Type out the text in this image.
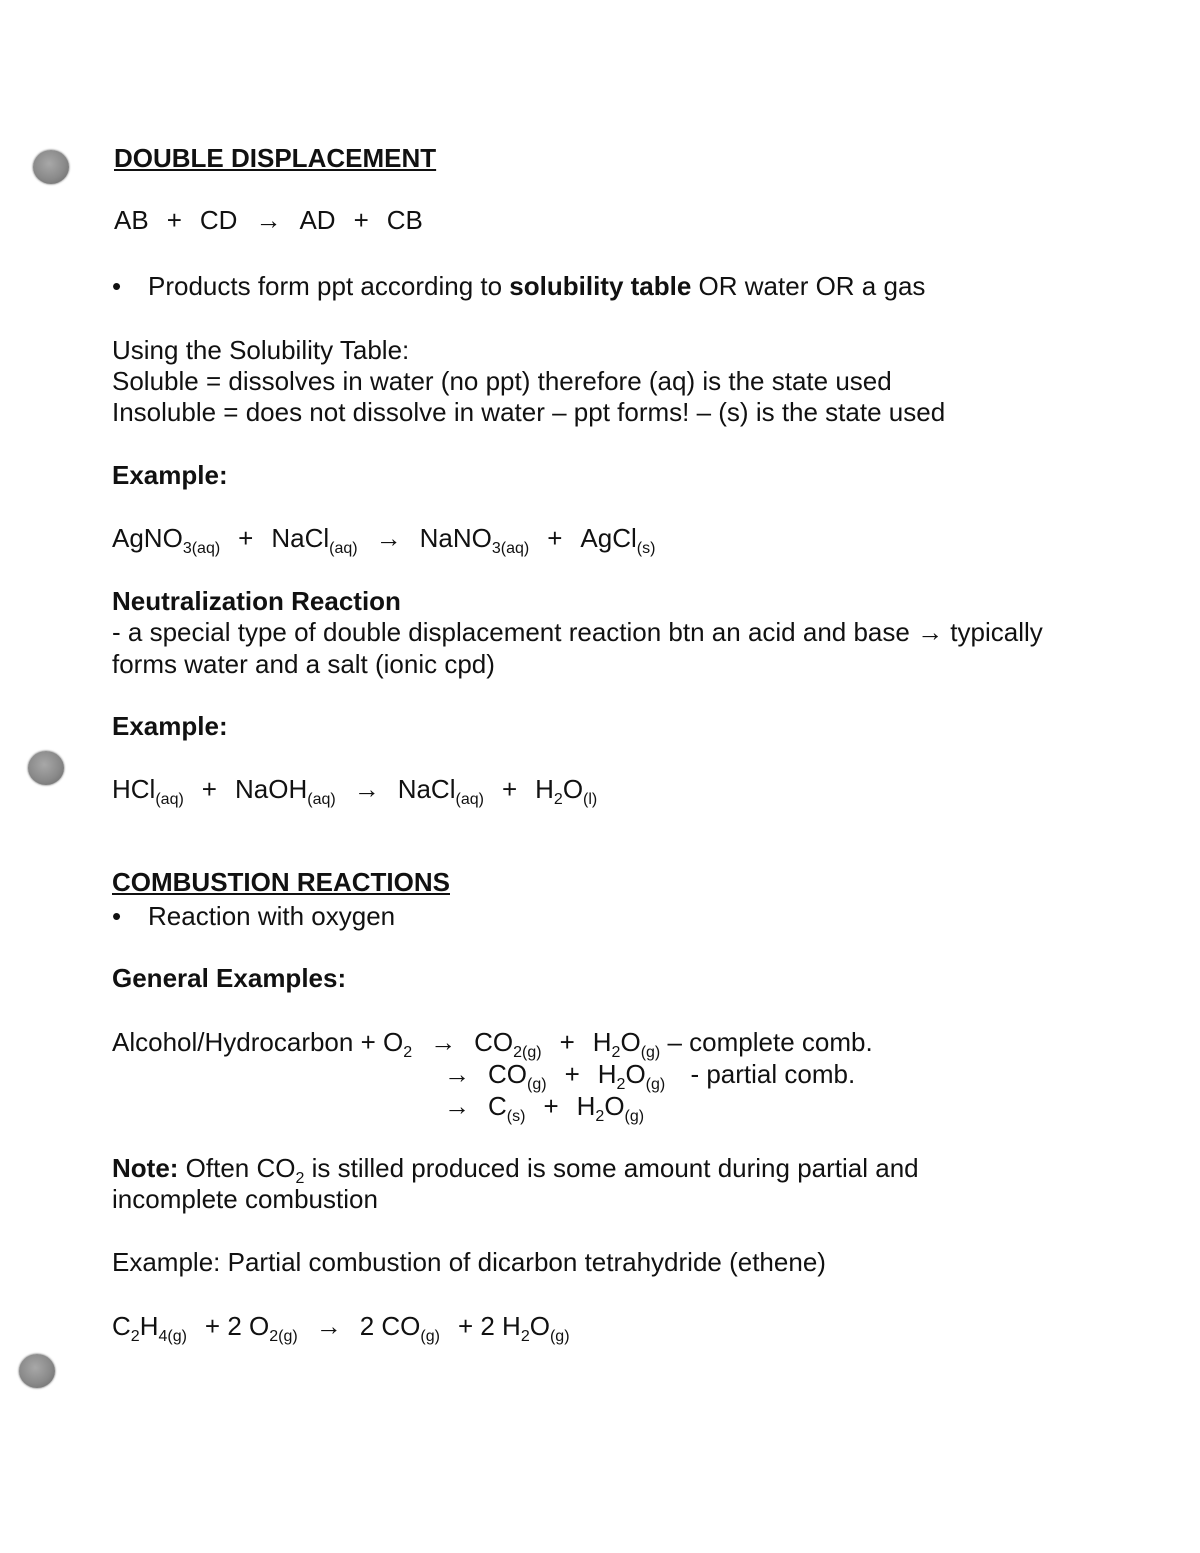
DOUBLE DISPLACEMENT
AB + CD → AD + CB
• Products form ppt according to solubility table OR water OR a gas
Using the Solubility Table:
Soluble = dissolves in water (no ppt) therefore (aq) is the state used
Insoluble = does not dissolve in water – ppt forms! – (s) is the state used
Example:
AgNO$_{3(aq)}$ + NaCl$_{(aq)}$ → NaNO$_{3(aq)}$ + AgCl$_{(s)}$
Neutralization Reaction
- a special type of double displacement reaction btn an acid and base → typically
forms water and a salt (ionic cpd)
Example:
HCl$_{(aq)}$ + NaOH$_{(aq)}$ → NaCl$_{(aq)}$ + $H_2O_{(l)}$
COMBUSTION REACTIONS
• Reaction with oxygen
General Examples:
Alcohol/Hydrocarbon + $O_2 \to CO_{2(g)} + H_2O_{(g)}$ – complete comb.
→ $CO_{(g)} + H_2O_{(g)}$ - partial comb.
→ $C_{(s)} + H_2O_{(g)}$
Note: Often $CO_2$ is stilled produced is some amount during partial and
incomplete combustion
Example: Partial combustion of dicarbon tetrahydride (ethene)
$C_2H_{4(g)} + 2$ $O_{2(g)} \to 2$ $CO_{(g)} + 2$ $H_2O_{(g)}$
